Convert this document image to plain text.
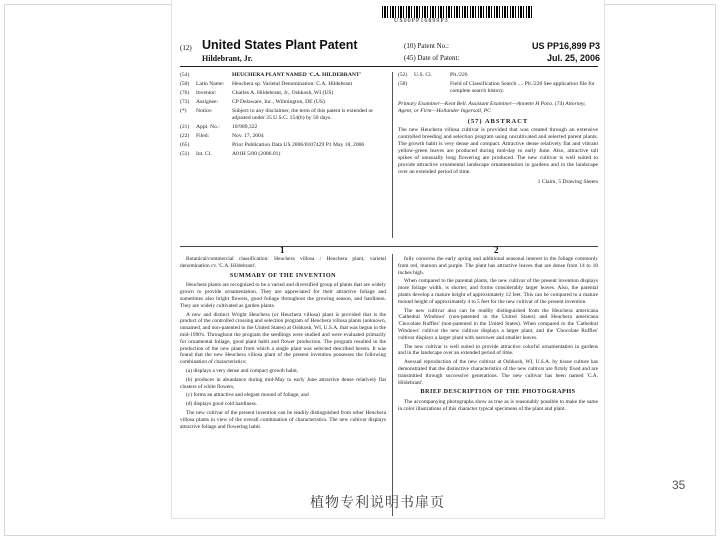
US00PP16899P3
(12) United States Plant Patent
Hildebrant, Jr.
(10) Patent No.:	US PP16,899 P3
(45) Date of Patent:	Jul. 25, 2006
(54)	HEUCHERA PLANT NAMED 'C.A. HILDEBRANT'
(50)	Latin Name:	Heuchera sp. Varietal Denomination: C.A. Hildebrant
(76)	Inventor:	Charles A. Hildebrant, Jr., Oshkosh, WI (US)
(73)	Assignee:	CP Delaware, Inc., Wilmington, DE (US)
(*)	Notice:	Subject to any disclaimer, the term of this patent is extended or adjusted under 35 U.S.C. 154(b) by 50 days.
(21)	Appl. No.:	10/989,322
(22)	Filed:	Nov. 17, 2004
(65)	Prior Publication Data US 2006/0107429 P1 May 18, 2006
(51)	Int. Cl.	A01H 5/00 (2006.01)
(52)	U.S. Cl.	Plt./226
(58)	Field of Classification Search .... Plt./226 See application file for complete search history.
Primary Examiner—Kent Bell. Assistant Examiner—Annette H Para. (74) Attorney, Agent, or Firm—Hollander Ingersoll, PC
(57) ABSTRACT
The new Heuchera villosa cultivar is provided that was created through an extensive controlled breeding and selection program using uncultivated and selected parent plants. The growth habit is very dense and compact. Attractive dense relatively flat and vibrant yellow-green leaves are produced during mid-day to early June. Also, attractive tall spikes of unusually long flowering are produced. The new cultivar is well suited to provide attractive ornamental landscape ornamentation in gardens and in the landscape over an extended period of time.
1 Claim, 5 Drawing Sheets
1	2

Botanical/commercial classification: Heuchera villosa / Heuchera plant, varietal denomination cv. 'C.A. Hildebrant'.

SUMMARY OF THE INVENTION

Heuchera plants are recognized to be a varied and diversified group of plants that are widely grown to provide ornamentation. They are appreciated for their attractive foliage and sometimes also bright flowers, good foliage throughout the growing season, and hardiness. They are widely cultivated as garden plants.

A new and distinct Wright Heuchera (or Heuchera villosa) plant is provided that is the product of the controlled crossing and selection program of Heuchera villosa plants (unknown, unnamed, and non-patented in the United States) at Oshkosh, WI, U.S.A. that was begun in the mid-1990's. Throughout the program the seedlings were studied and were evaluated primarily for ornamental foliage, good plant habit and flower production. The program resulted in the production of the new plant from which a single plant was selected described herein. It was found that the new Heuchera villosa plant of the present invention possesses the following combination of characteristics:

(a) displays a very dense and compact growth habit,

(b) produces in abundance during mid-May to early June attractive dense relatively flat clusters of white flowers,

(c) forms an attractive and elegant mound of foliage, and

(d) displays good cold hardiness.

The new cultivar of the present invention can be readily distinguished from other Heuchera villosa plants in view of the overall combination of characteristics. The new cultivar displays attractive foliage and flowering habit.

fully concerns the early spring and additional seasonal interest in the foliage commonly from red, maroon and purple. The plant has attractive leaves that are dense from 14 to 18 inches high.

When compared to the parental plants, the new cultivar of the present invention displays more foliage width, is shorter, and forms considerably larger leaves. Also, the parental plants develop a mature height of approximately 12 feet. This can be compared to a mature mound height of approximately 4 to 5 feet for the new cultivar of the present invention.

The new cultivar also can be readily distinguished from the Heuchera americana 'Cathedral Windows' (non-patented in the United States) and Heuchera americana 'Chocolate Ruffles' (non-patented in the United States). When compared to the 'Cathedral Windows' cultivar the new cultivar displays a larger plant, and the 'Chocolate Ruffles' cultivar displays a larger plant with narrower and smaller leaves.

The new cultivar is well suited to provide attractive colorful ornamentation in gardens and in the landscape over an extended period of time.

Asexual reproduction of the new cultivar at Oshkosh, WI, U.S.A. by tissue culture has demonstrated that the distinctive characteristics of the new cultivar are firmly fixed and are transmitted through successive generations. The new cultivar has been named 'C.A. Hildebrant'.

BRIEF DESCRIPTION OF THE PHOTOGRAPHS

The accompanying photographs show as true as is reasonably possible to make the same in color illustrations of this character typical specimens of the plant and plant.

植物专利说明书扉页
35
